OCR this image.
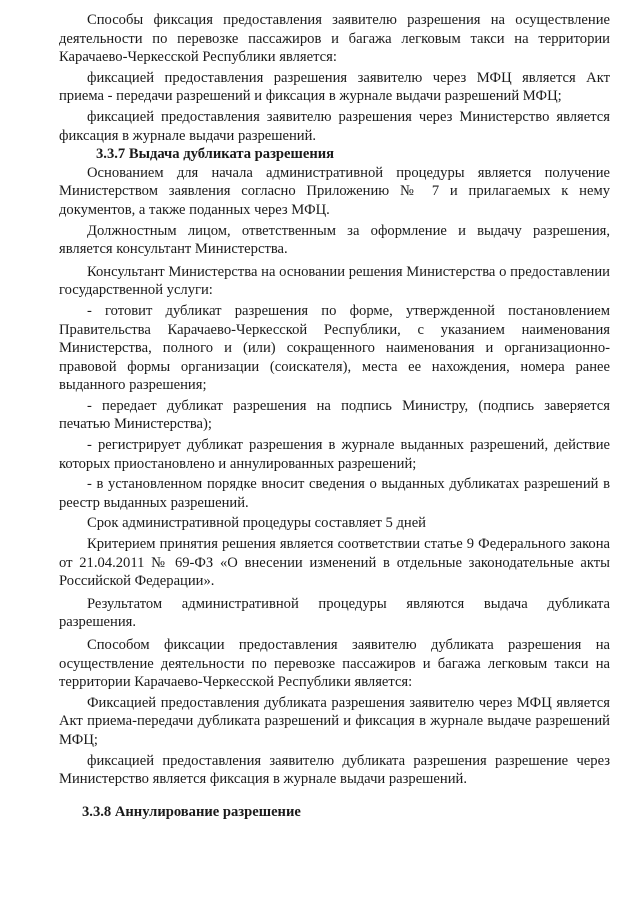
Способы фиксация предоставления заявителю разрешения на осуществление деятельности по перевозке пассажиров и багажа легковым такси на территории Карачаево-Черкесской Республики является:

фиксацией предоставления разрешения заявителю через МФЦ является Акт приема - передачи разрешений и фиксация в журнале выдачи разрешений МФЦ;

фиксацией предоставления заявителю разрешения через Министерство является фиксация в журнале выдачи разрешений.

3.3.7 Выдача дубликата разрешения

Основанием для начала административной процедуры является получение Министерством заявления согласно Приложению № 7 и прилагаемых к нему документов, а также поданных через МФЦ.

Должностным лицом, ответственным за оформление и выдачу разрешения, является консультант Министерства.

Консультант Министерства на основании решения Министерства о предоставлении государственной услуги:

- готовит дубликат разрешения по форме, утвержденной постановлением Правительства Карачаево-Черкесской Республики, с указанием наименования Министерства, полного и (или) сокращенного наименования и организационно-правовой формы организации (соискателя), места ее нахождения, номера ранее выданного разрешения;

- передает дубликат разрешения на подпись Министру, (подпись заверяется печатью Министерства);

- регистрирует дубликат разрешения в журнале выданных разрешений, действие которых приостановлено и аннулированных разрешений;

- в установленном порядке вносит сведения о выданных дубликатах разрешений в реестр выданных разрешений.

Срок административной процедуры составляет 5 дней

Критерием принятия решения является соответствии статье 9 Федерального закона от 21.04.2011 № 69-ФЗ «О внесении изменений в отдельные законодательные акты Российской Федерации».

Результатом административной процедуры являются выдача дубликата разрешения.

Способом фиксации предоставления заявителю дубликата разрешения на осуществление деятельности по перевозке пассажиров и багажа легковым такси на территории Карачаево-Черкесской Республики является:

Фиксацией предоставления дубликата разрешения заявителю через МФЦ является Акт приема-передачи дубликата разрешений и фиксация в журнале выдаче разрешений МФЦ;

фиксацией предоставления заявителю дубликата разрешения разрешение через Министерство является фиксация в журнале выдачи разрешений.

3.3.8 Аннулирование разрешение
